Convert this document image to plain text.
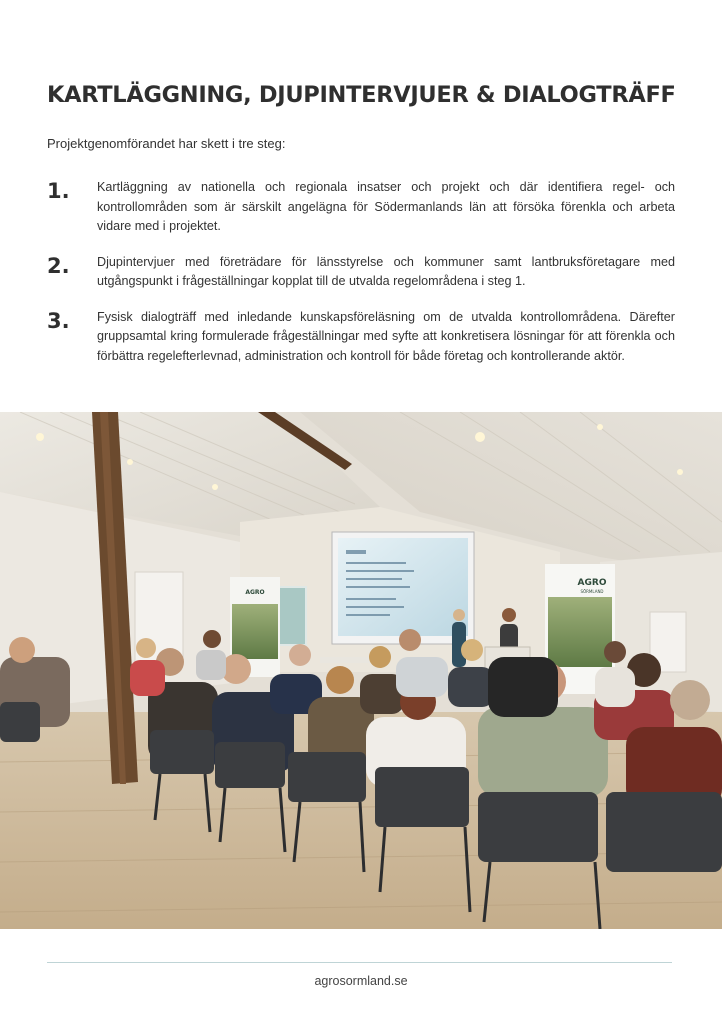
KARTLÄGGNING, DJUPINTERVJUER & DIALOGTRÄFF

Projektgenomförandet har skett i tre steg:

1.	Kartläggning av nationella och regionala insatser och projekt och där identifiera regel- och kontrollområden som är särskilt angelägna för Södermanlands län att försöka förenkla och arbeta vidare med i projektet.
2.	Djupintervjuer med företrädare för länsstyrelse och kommuner samt lantbruksföretagare med utgångspunkt i frågeställningar kopplat till de utvalda regelområdena i steg 1.
3.	Fysisk dialogträff med inledande kunskapsföreläsning om de utvalda kontrollområdena. Därefter gruppsamtal kring formulerade frågeställningar med syfte att konkretisera lösningar för att förenkla och förbättra regelefterlevnad, administration och kontroll för både företag och kontrollerande aktör.
AGRO
AGRO
SÖRMLAND
agrosormland.se
